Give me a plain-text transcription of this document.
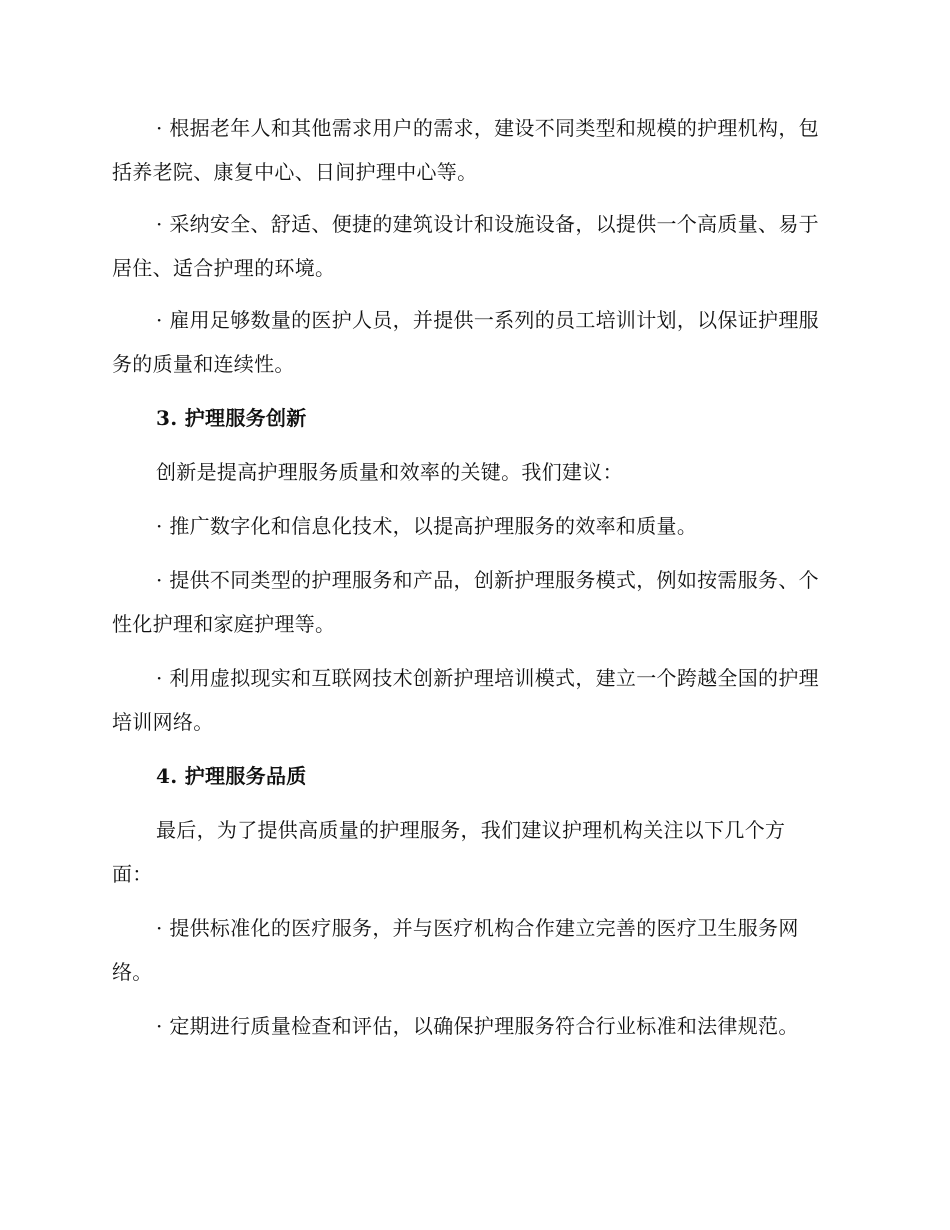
· 根据老年人和其他需求用户的需求，建设不同类型和规模的护理机构，包括养老院、康复中心、日间护理中心等。

· 采纳安全、舒适、便捷的建筑设计和设施设备，以提供一个高质量、易于居住、适合护理的环境。

· 雇用足够数量的医护人员，并提供一系列的员工培训计划，以保证护理服务的质量和连续性。

3. 护理服务创新

创新是提高护理服务质量和效率的关键。我们建议：

· 推广数字化和信息化技术，以提高护理服务的效率和质量。

· 提供不同类型的护理服务和产品，创新护理服务模式，例如按需服务、个性化护理和家庭护理等。

· 利用虚拟现实和互联网技术创新护理培训模式，建立一个跨越全国的护理培训网络。

4. 护理服务品质

最后，为了提供高质量的护理服务，我们建议护理机构关注以下几个方面：

· 提供标准化的医疗服务，并与医疗机构合作建立完善的医疗卫生服务网络。

· 定期进行质量检查和评估，以确保护理服务符合行业标准和法律规范。
